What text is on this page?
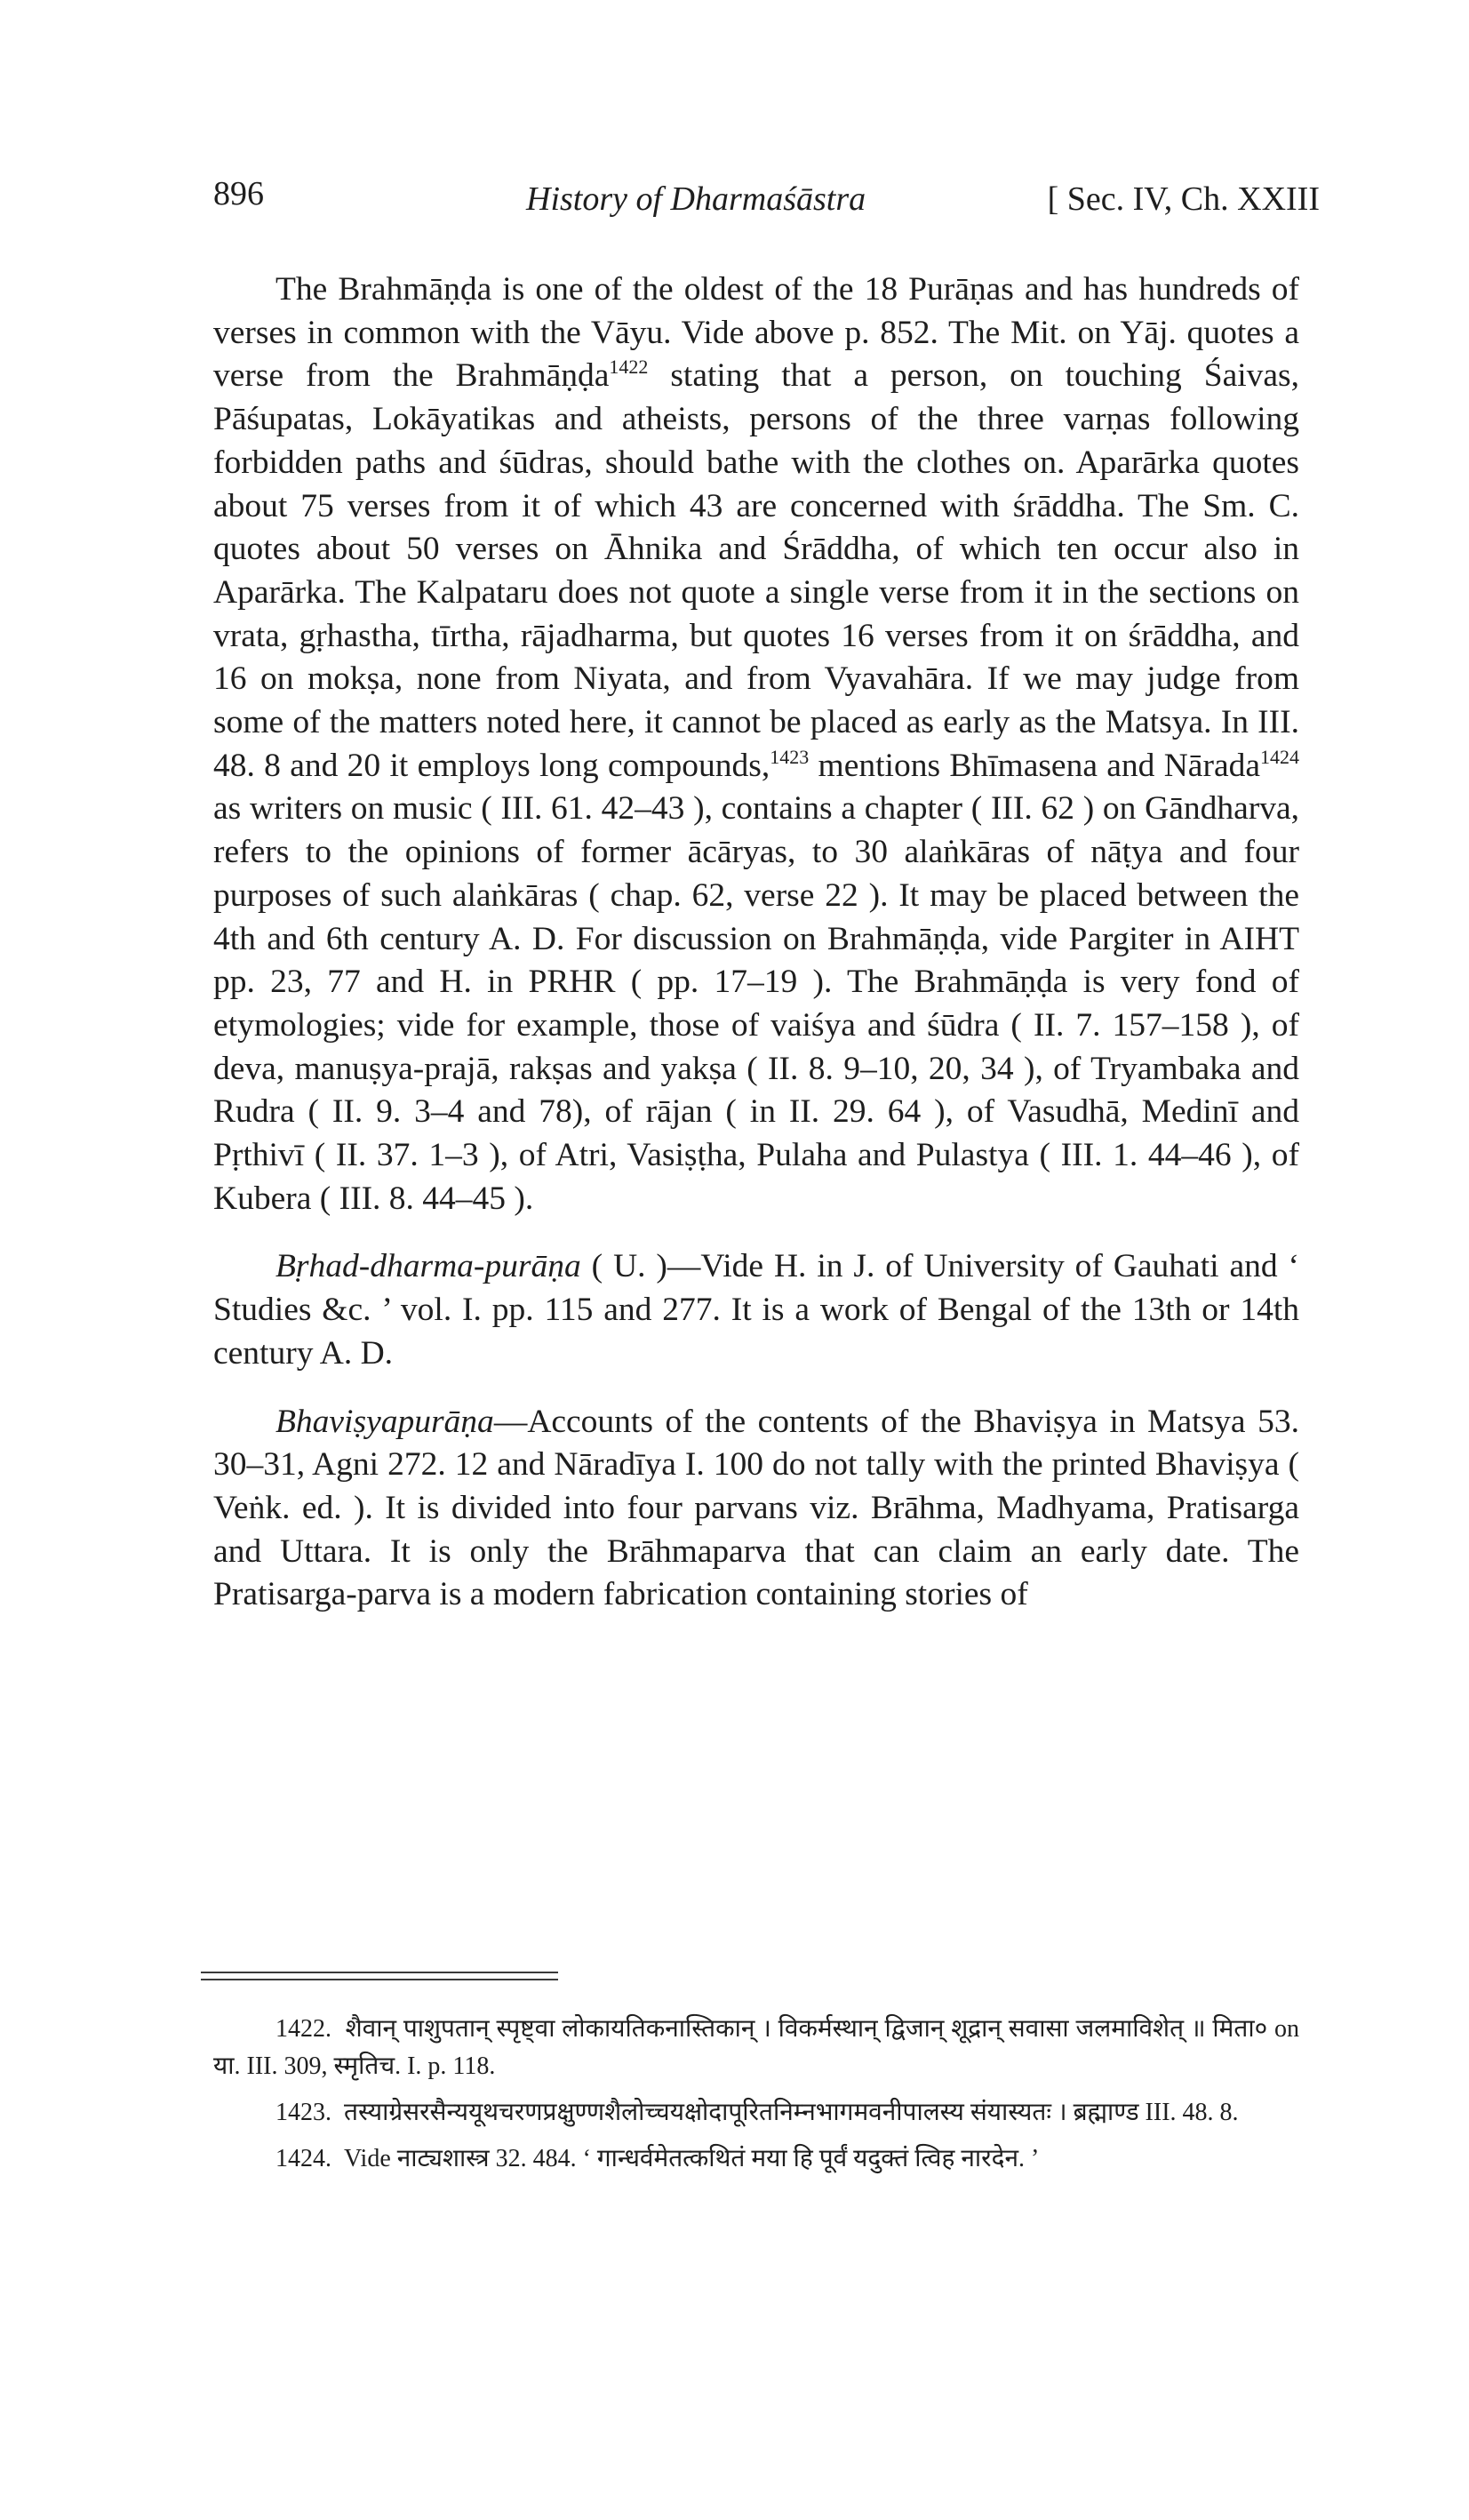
896	History of Dharmaśāstra	[ Sec. IV, Ch. XXIII

The Brahmāṇḍa is one of the oldest of the 18 Purāṇas and has hundreds of verses in common with the Vāyu. Vide above p. 852. The Mit. on Yāj. quotes a verse from the Brahmāṇḍa$^{1422}$ stating that a person, on touching Śaivas, Pāśupatas, Lokāyatikas and atheists, persons of the three varṇas following forbidden paths and śūdras, should bathe with the clothes on. Aparārka quotes about 75 verses from it of which 43 are concerned with śrāddha. The Sm. C. quotes about 50 verses on Āhnika and Śrāddha, of which ten occur also in Aparārka. The Kalpataru does not quote a single verse from it in the sections on vrata, gṛhastha, tīrtha, rājadharma, but quotes 16 verses from it on śrāddha, and 16 on mokṣa, none from Niyata, and from Vyavahāra. If we may judge from some of the matters noted here, it cannot be placed as early as the Matsya. In III. 48. 8 and 20 it employs long compounds,$^{1423}$ mentions Bhīmasena and Nārada$^{1424}$ as writers on music ( III. 61. 42–43 ), contains a chapter ( III. 62 ) on Gāndharva, refers to the opinions of former ācāryas, to 30 alaṅkāras of nāṭya and four purposes of such alaṅkāras ( chap. 62, verse 22 ). It may be placed between the 4th and 6th century A. D. For discussion on Brahmāṇḍa, vide Pargiter in AIHT pp. 23, 77 and H. in PRHR ( pp. 17–19 ). The Brahmāṇḍa is very fond of etymologies; vide for example, those of vaiśya and śūdra ( II. 7. 157–158 ), of deva, manuṣya-prajā, rakṣas and yakṣa ( II. 8. 9–10, 20, 34 ), of Tryambaka and Rudra ( II. 9. 3–4 and 78), of rājan ( in II. 29. 64 ), of Vasudhā, Medinī and Pṛthivī ( II. 37. 1–3 ), of Atri, Vasiṣṭha, Pulaha and Pulastya ( III. 1. 44–46 ), of Kubera ( III. 8. 44–45 ).

Bṛhad-dharma-purāṇa ( U. )—Vide H. in J. of University of Gauhati and ‘ Studies &c. ’ vol. I. pp. 115 and 277. It is a work of Bengal of the 13th or 14th century A. D.

Bhaviṣyapurāṇa—Accounts of the contents of the Bhaviṣya in Matsya 53. 30–31, Agni 272. 12 and Nāradīya I. 100 do not tally with the printed Bhaviṣya ( Veṅk. ed. ). It is divided into four parvans viz. Brāhma, Madhyama, Pratisarga and Uttara. It is only the Brāhmaparva that can claim an early date. The Pratisarga-parva is a modern fabrication containing stories of

1422. शैवान् पाशुपतान् स्पृष्ट्वा लोकायतिकनास्तिकान् । विकर्मस्थान् द्विजान् शूद्रान् सवासा जलमाविशेत् ॥ मिता० on या. III. 309, स्मृतिच. I. p. 118.

1423. तस्याग्रेसरसैन्ययूथचरणप्रक्षुण्णशैलोच्चयक्षोदापूरितनिम्नभागमवनीपालस्य संयास्यतः । ब्रह्माण्ड III. 48. 8.

1424. Vide नाट्यशास्त्र 32. 484. ‘ गान्धर्वमेतत्कथितं मया हि पूर्वं यदुक्तं त्विह नारदेन. ’
